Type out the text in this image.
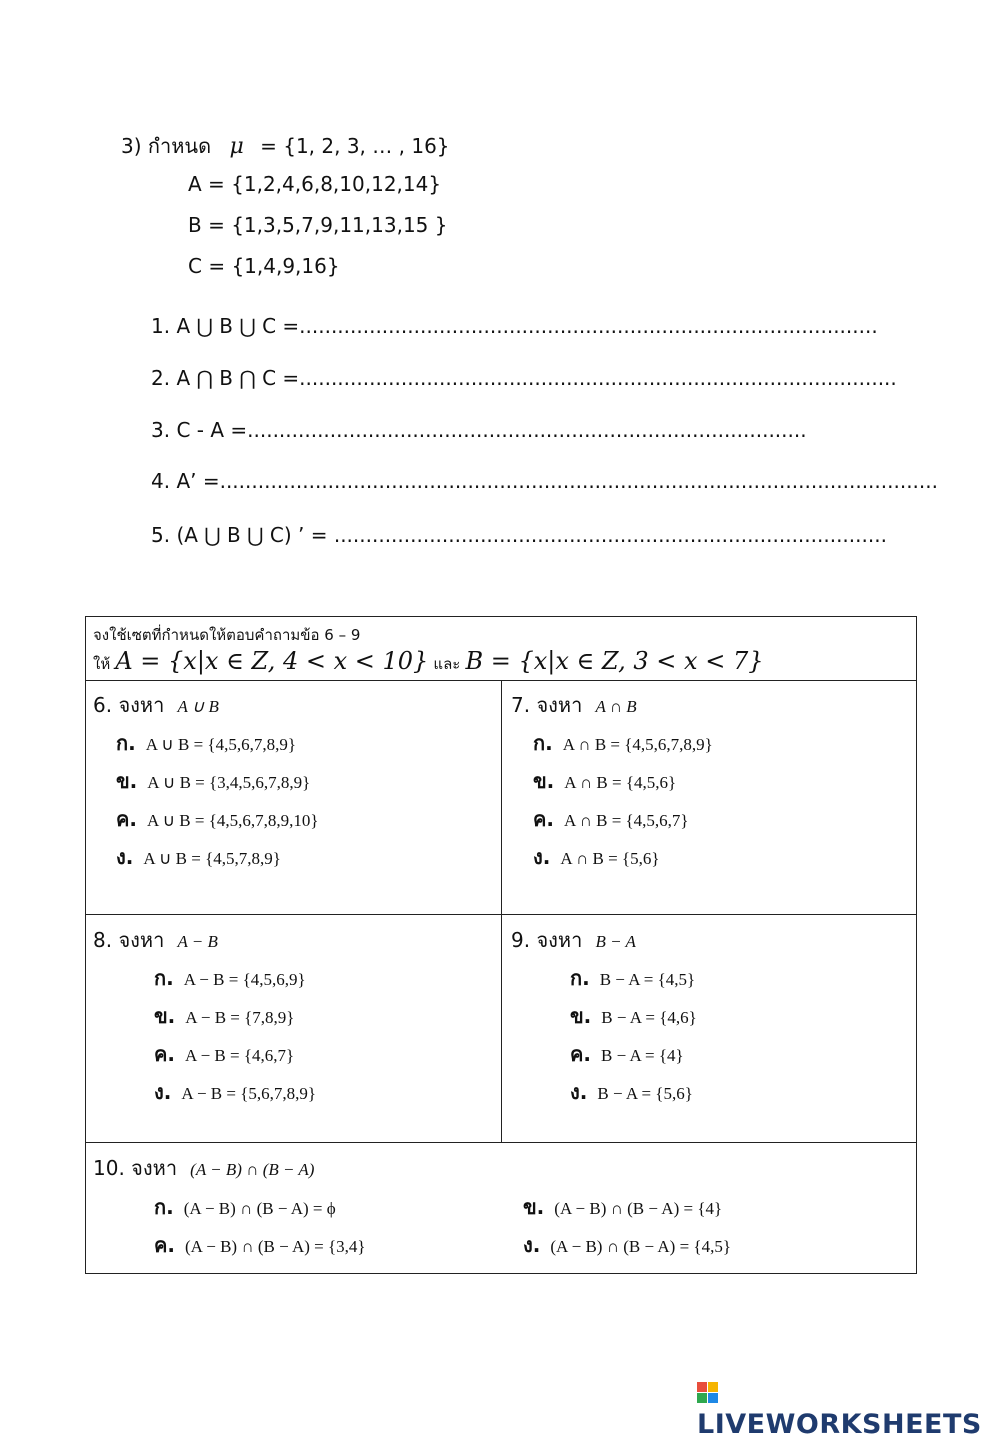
3) กำหนด μ = {1, 2, 3, … , 16}
A = {1,2,4,6,8,10,12,14}
B = {1,3,5,7,9,11,13,15 }
C = {1,4,9,16}
1. A ⋃ B ⋃ C =...........................................................................................
2. A ⋂ B ⋂ C =..............................................................................................
3. C - A =........................................................................................
4. A’ =.................................................................................................................
5. (A ⋃ B ⋃ C) ’ = .......................................................................................
จงใช้เซตที่กำหนดให้ตอบคำถามข้อ 6 – 9
ให้ A = {x|x ∈ Z, 4 < x < 10} และ B = {x|x ∈ Z, 3 < x < 7}
6. จงหา A ∪ B
ก. A ∪ B = {4,5,6,7,8,9}
ข. A ∪ B = {3,4,5,6,7,8,9}
ค. A ∪ B = {4,5,6,7,8,9,10}
ง. A ∪ B = {4,5,7,8,9}
7. จงหา A ∩ B
ก. A ∩ B = {4,5,6,7,8,9}
ข. A ∩ B = {4,5,6}
ค. A ∩ B = {4,5,6,7}
ง. A ∩ B = {5,6}
8. จงหา A − B
ก. A − B = {4,5,6,9}
ข. A − B = {7,8,9}
ค. A − B = {4,6,7}
ง. A − B = {5,6,7,8,9}
9. จงหา B − A
ก. B − A = {4,5}
ข. B − A = {4,6}
ค. B − A = {4}
ง. B − A = {5,6}
10. จงหา (A − B) ∩ (B − A)
ก. (A − B) ∩ (B − A) = ϕ	ข. (A − B) ∩ (B − A) = {4}
ค. (A − B) ∩ (B − A) = {3,4}	ง. (A − B) ∩ (B − A) = {4,5}
LIVEWORKSHEETS
